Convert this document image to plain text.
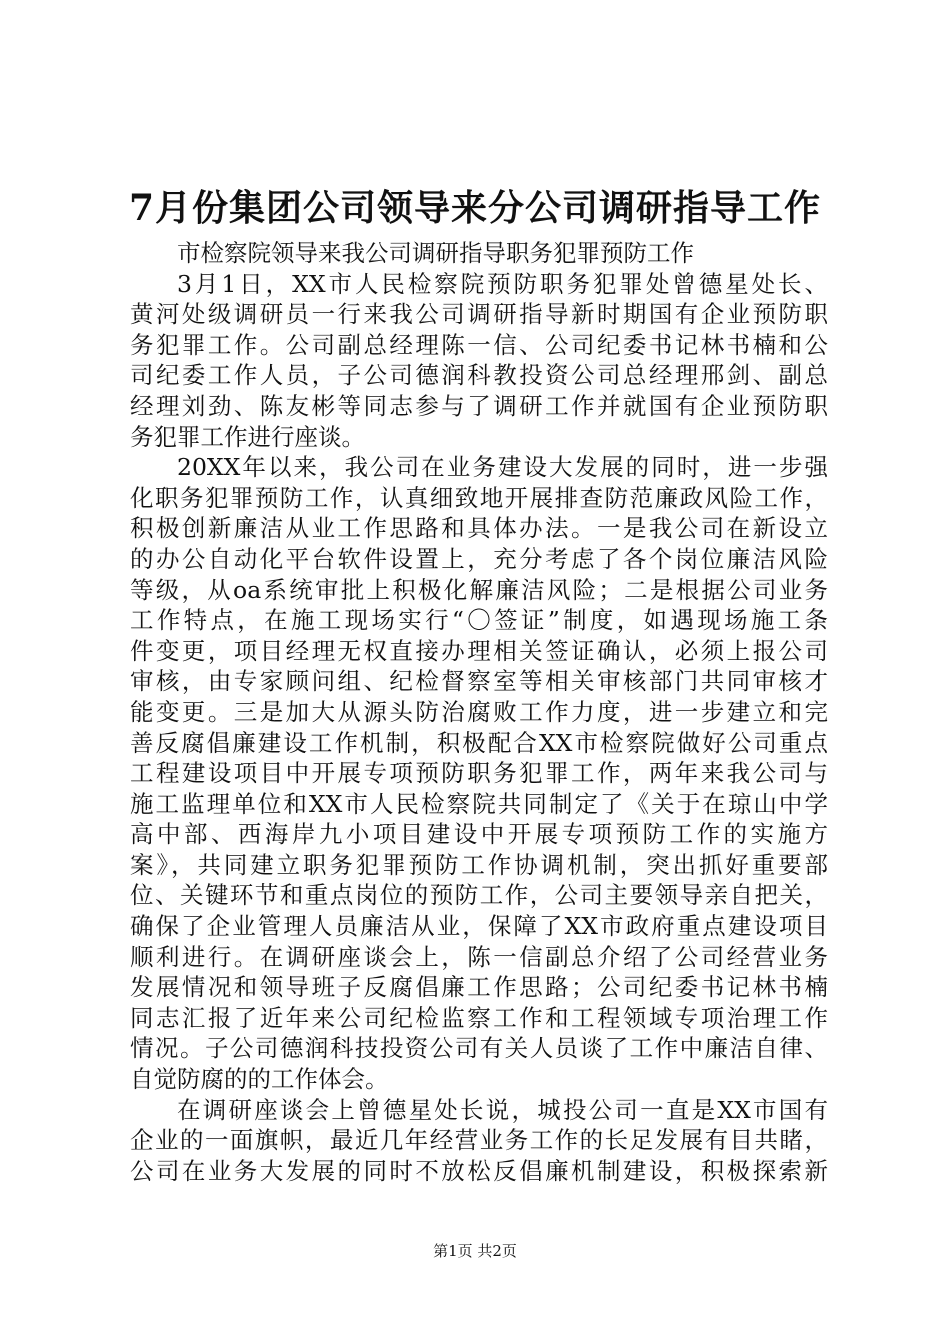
7月份集团公司领导来分公司调研指导工作
市检察院领导来我公司调研指导职务犯罪预防工作
3月1日，XX市人民检察院预防职务犯罪处曾德星处长、
黄河处级调研员一行来我公司调研指导新时期国有企业预防职
务犯罪工作。公司副总经理陈一信、公司纪委书记林书楠和公
司纪委工作人员，子公司德润科教投资公司总经理邢剑、副总
经理刘劲、陈友彬等同志参与了调研工作并就国有企业预防职
务犯罪工作进行座谈。
20XX年以来，我公司在业务建设大发展的同时，进一步强
化职务犯罪预防工作，认真细致地开展排查防范廉政风险工作，
积极创新廉洁从业工作思路和具体办法。一是我公司在新设立
的办公自动化平台软件设置上，充分考虑了各个岗位廉洁风险
等级，从oa系统审批上积极化解廉洁风险；二是根据公司业务
工作特点，在施工现场实行“〇签证”制度，如遇现场施工条
件变更，项目经理无权直接办理相关签证确认，必须上报公司
审核，由专家顾问组、纪检督察室等相关审核部门共同审核才
能变更。三是加大从源头防治腐败工作力度，进一步建立和完
善反腐倡廉建设工作机制，积极配合XX市检察院做好公司重点
工程建设项目中开展专项预防职务犯罪工作，两年来我公司与
施工监理单位和XX市人民检察院共同制定了《关于在琼山中学
高中部、西海岸九小项目建设中开展专项预防工作的实施方
案》，共同建立职务犯罪预防工作协调机制，突出抓好重要部
位、关键环节和重点岗位的预防工作，公司主要领导亲自把关，
确保了企业管理人员廉洁从业，保障了XX市政府重点建设项目
顺利进行。在调研座谈会上，陈一信副总介绍了公司经营业务
发展情况和领导班子反腐倡廉工作思路；公司纪委书记林书楠
同志汇报了近年来公司纪检监察工作和工程领域专项治理工作
情况。子公司德润科技投资公司有关人员谈了工作中廉洁自律、
自觉防腐的的工作体会。
在调研座谈会上曾德星处长说，城投公司一直是XX市国有
企业的一面旗帜，最近几年经营业务工作的长足发展有目共睹，
公司在业务大发展的同时不放松反倡廉机制建设，积极探索新
第1页 共2页
